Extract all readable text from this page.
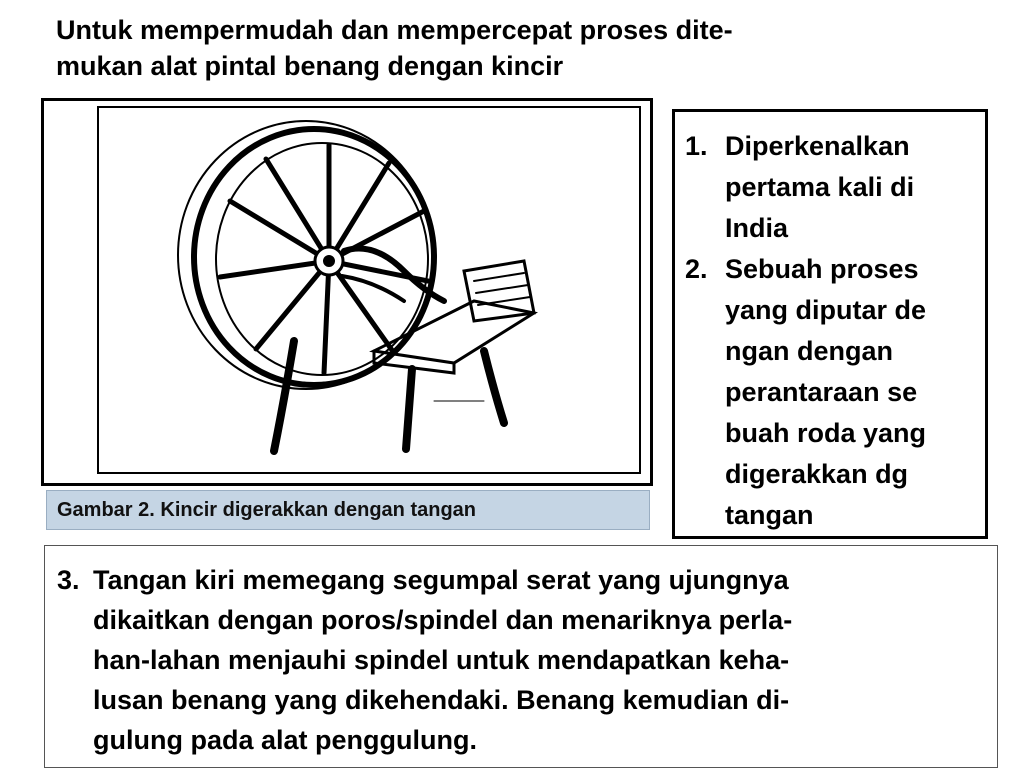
Untuk mempermudah dan mempercepat proses dite-
mukan alat pintal benang dengan kincir
Gambar 2. Kincir digerakkan dengan tangan
1. Diperkenalkan
pertama kali di
India
2. Sebuah proses
yang diputar de
ngan dengan
perantaraan se
buah roda yang
digerakkan dg
tangan
3. Tangan kiri memegang segumpal serat yang ujungnya
dikaitkan dengan poros/spindel dan menariknya perla-
han-lahan menjauhi spindel untuk mendapatkan keha-
lusan benang yang dikehendaki. Benang kemudian di-
gulung pada alat penggulung.
